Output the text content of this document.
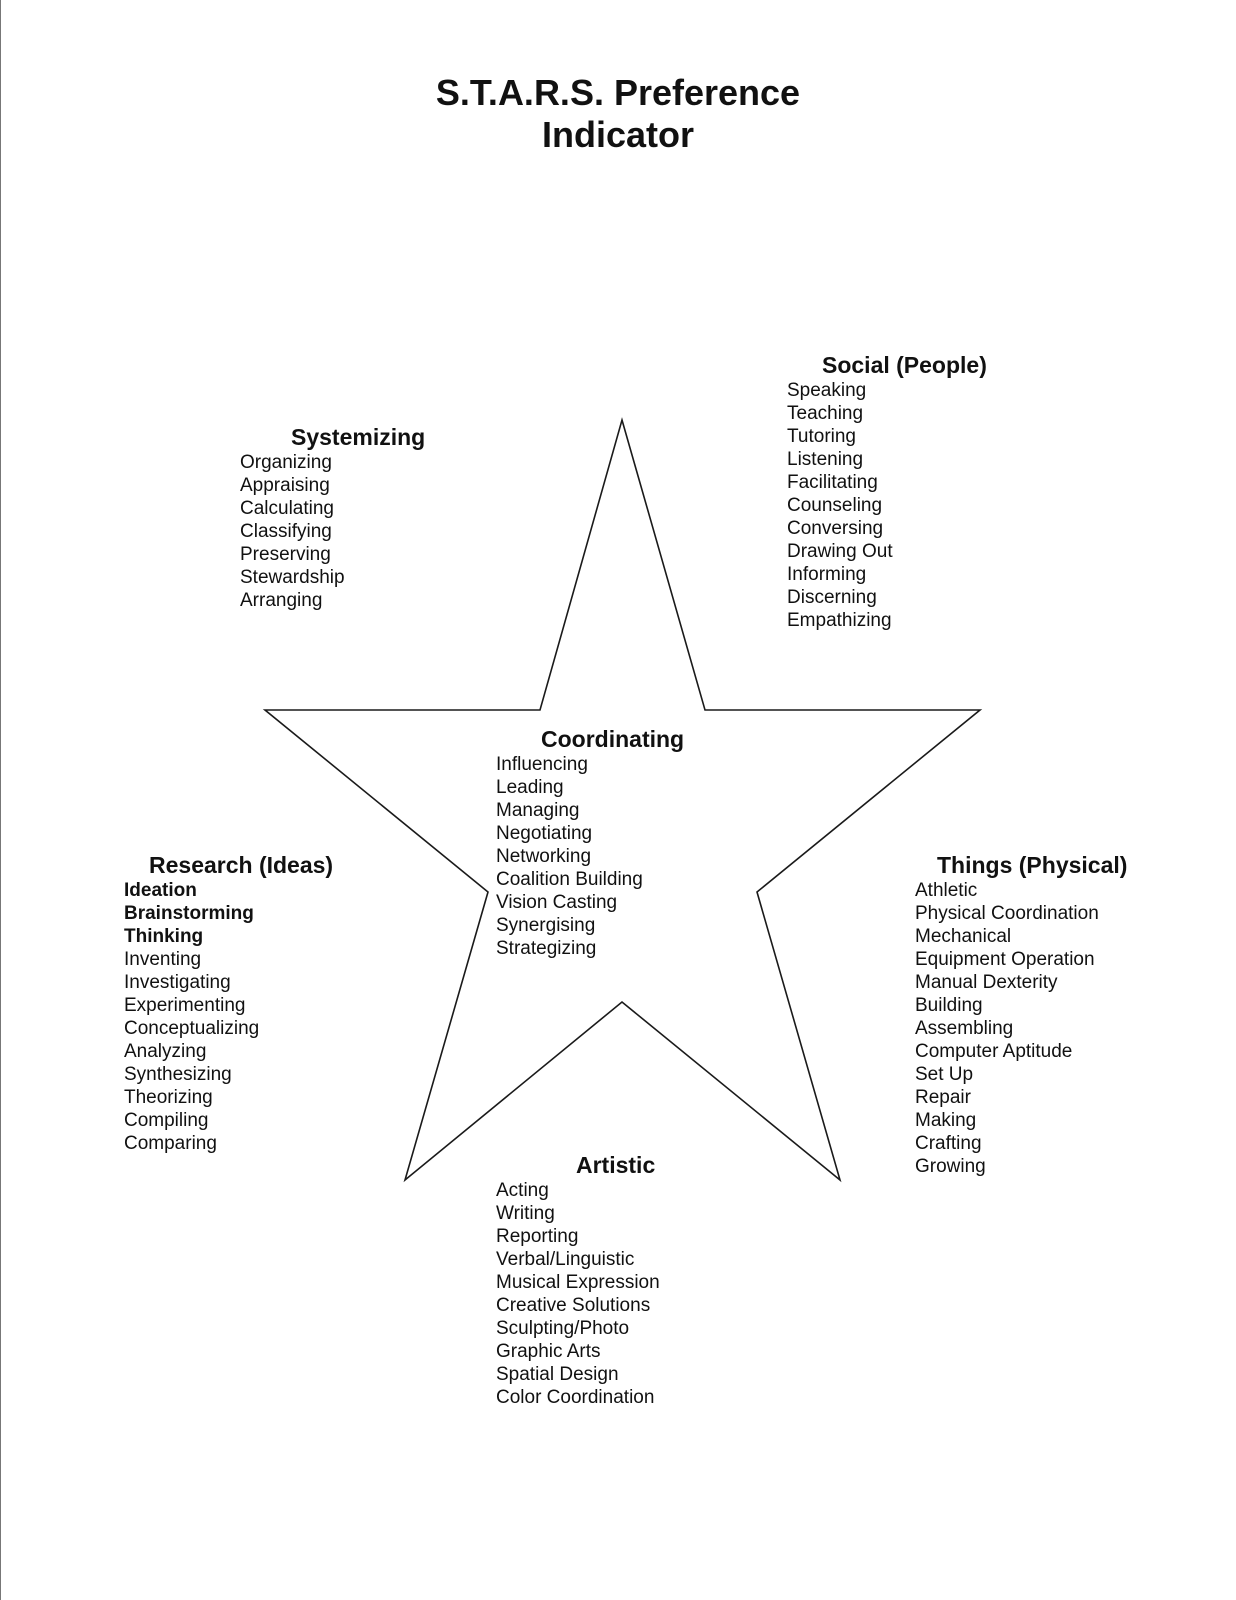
S.T.A.R.S. Preference
Indicator
Systemizing
Organizing
Appraising
Calculating
Classifying
Preserving
Stewardship
Arranging
Social (People)
Speaking
Teaching
Tutoring
Listening
Facilitating
Counseling
Conversing
Drawing Out
Informing
Discerning
Empathizing
Coordinating
Influencing
Leading
Managing
Negotiating
Networking
Coalition Building
Vision Casting
Synergising
Strategizing
Research (Ideas)
Ideation
Brainstorming
Thinking
Inventing
Investigating
Experimenting
Conceptualizing
Analyzing
Synthesizing
Theorizing
Compiling
Comparing
Things (Physical)
Athletic
Physical Coordination
Mechanical
Equipment Operation
Manual Dexterity
Building
Assembling
Computer Aptitude
Set Up
Repair
Making
Crafting
Growing
Artistic
Acting
Writing
Reporting
Verbal/Linguistic
Musical Expression
Creative Solutions
Sculpting/Photo
Graphic Arts
Spatial Design
Color Coordination
